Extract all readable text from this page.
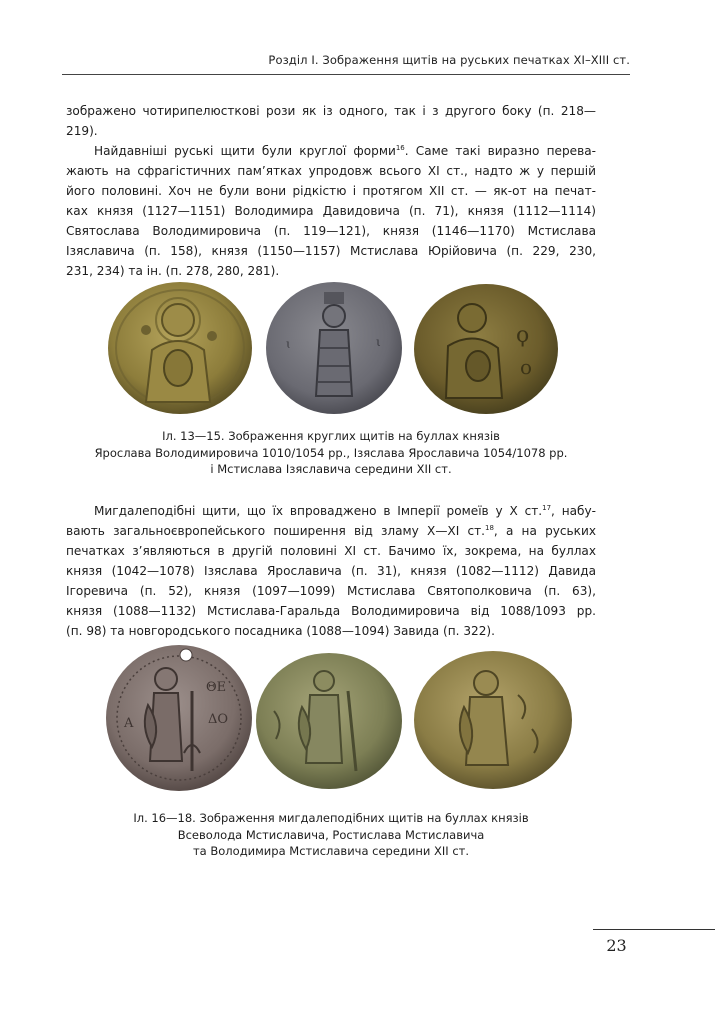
Розділ I. Зображення щитів на руських печатках XI–XIII ст.
зображено чотирипелюсткові рози як із одного, так і з другого боку (п. 218—
219).
Найдавніші руські щити були круглої форми$^{16}$. Саме такі виразно перева-
жають на сфрагістичних пам’ятках упродовж всього XI ст., надто ж у першій
його половині. Хоч не були вони рідкістю і протягом XII ст. — як-от на печат-
ках князя (1127—1151) Володимира Давидовича (п. 71), князя (1112—1114)
Святослава Володимировича (п. 119—121), князя (1146—1170) Мстислава
Ізяславича (п. 158), князя (1150—1157) Мстислава Юрійовича (п. 229, 230,
231, 234) та ін. (п. 278, 280, 281).
ꙇ	ι	ϙ
ο
Іл. 13—15. Зображення круглих щитів на буллах князів
Ярослава Володимировича 1010/1054 рр., Ізяслава Ярославича 1054/1078 рр.
і Мстислава Ізяславича середини XII ст.
Мигдалеподібні щити, що їх впроваджено в Імперії ромеїв у X ст.$^{17}$, набу-
вають загальноєвропейського поширення від зламу X—XI ст.$^{18}$, а на руських
печатках з’являються в другій половині XI ст. Бачимо їх, зокрема, на буллах
князя (1042—1078) Ізяслава Ярославича (п. 31), князя (1082—1112) Давида
Ігоревича (п. 52), князя (1097—1099) Мстислава Святополковича (п. 63),
князя (1088—1132) Мстислава-Гаральда Володимировича від 1088/1093 рр.
(п. 98) та новгородського посадника (1088—1094) Завида (п. 322).
ΘΕ
ΔΟ
Α
Іл. 16—18. Зображення мигдалеподібних щитів на буллах князів
Всеволода Мстиславича, Ростислава Мстиславича
та Володимира Мстиславича середини XII ст.
23
